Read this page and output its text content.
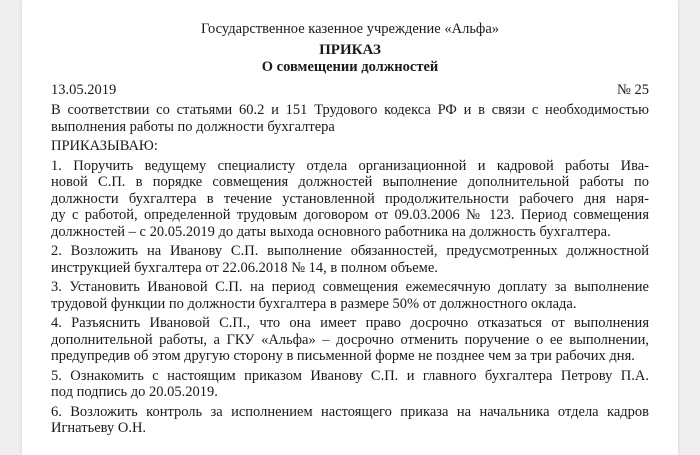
Государственное казенное учреждение «Альфа»
ПРИКАЗ
О совмещении должностей
13.05.2019	№ 25
В соответствии со статьями 60.2 и 151 Трудового кодекса РФ и в связи с необходимостью
выполнения работы по должности бухгалтера
ПРИКАЗЫВАЮ:
1. Поручить ведущему специалисту отдела организационной и кадровой работы Ива-
новой С.П. в порядке совмещения должностей выполнение дополнительной работы по
должности бухгалтера в течение установленной продолжительности рабочего дня наря-
ду с работой, определенной трудовым договором от 09.03.2006 № 123. Период совмещения
должностей – с 20.05.2019 до даты выхода основного работника на должность бухгалтера.
2. Возложить на Иванову С.П. выполнение обязанностей, предусмотренных должностной
инструкцией бухгалтера от 22.06.2018 № 14, в полном объеме.
3. Установить Ивановой С.П. на период совмещения ежемесячную доплату за выполнение
трудовой функции по должности бухгалтера в размере 50% от должностного оклада.
4. Разъяснить Ивановой С.П., что она имеет право досрочно отказаться от выполнения
дополнительной работы, а ГКУ «Альфа» – досрочно отменить поручение о ее выполнении,
предупредив об этом другую сторону в письменной форме не позднее чем за три рабочих дня.
5. Ознакомить с настоящим приказом Иванову С.П. и главного бухгалтера Петрову П.А.
под подпись до 20.05.2019.
6. Возложить контроль за исполнением настоящего приказа на начальника отдела кадров
Игнатьеву О.Н.
